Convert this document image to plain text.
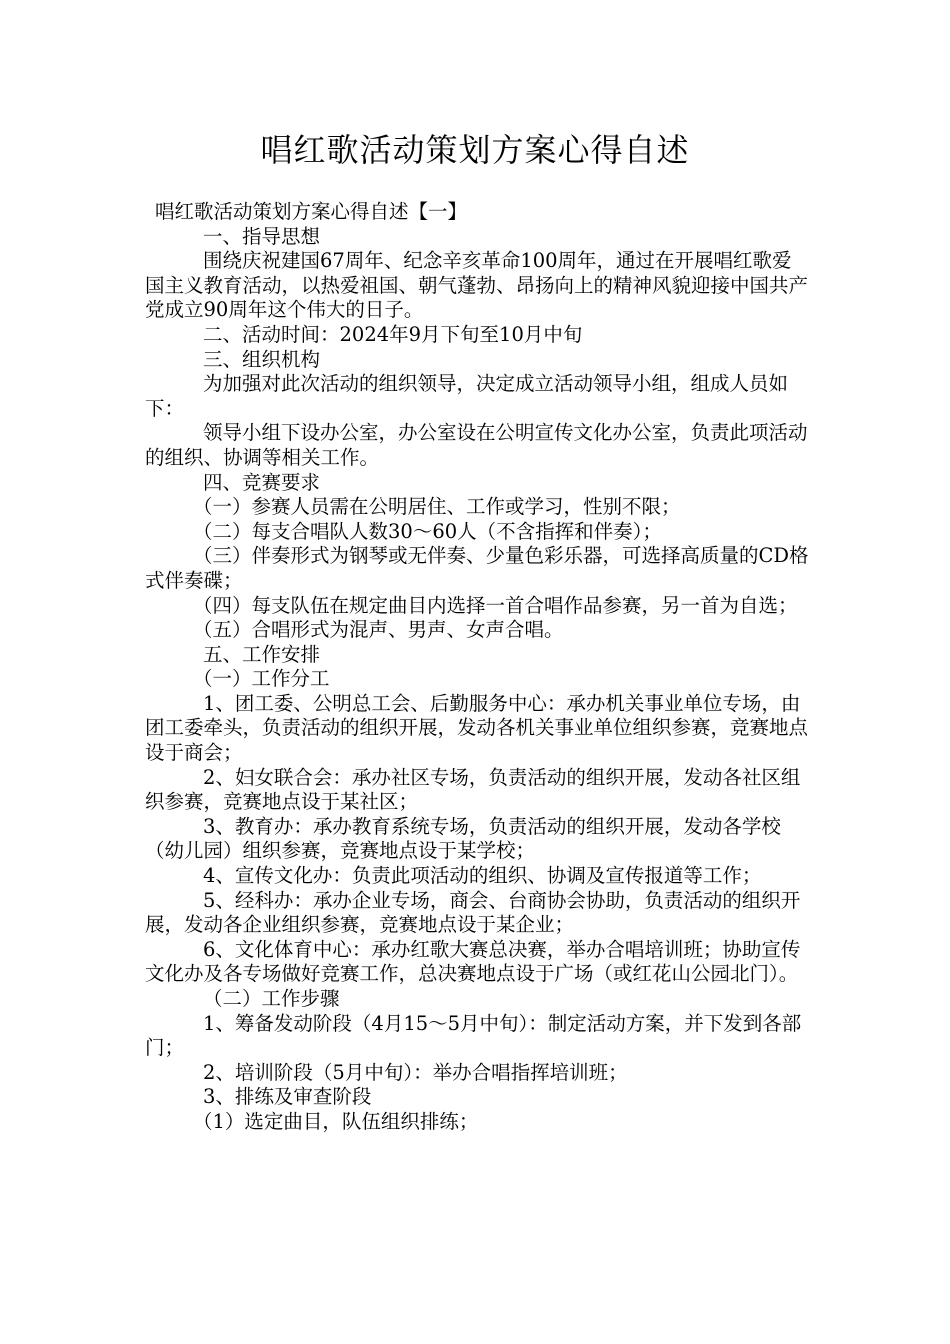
唱红歌活动策划方案心得自述

唱红歌活动策划方案心得自述【一】

一、指导思想

围绕庆祝建国67周年、纪念辛亥革命100周年，通过在开展唱红歌爱国主义教育活动，以热爱祖国、朝气蓬勃、昂扬向上的精神风貌迎接中国共产党成立90周年这个伟大的日子。

二、活动时间：2024年9月下旬至10月中旬

三、组织机构

为加强对此次活动的组织领导，决定成立活动领导小组，组成人员如下：

领导小组下设办公室，办公室设在公明宣传文化办公室，负责此项活动的组织、协调等相关工作。

四、竞赛要求

（一）参赛人员需在公明居住、工作或学习，性别不限；

（二）每支合唱队人数30～60人（不含指挥和伴奏）；

（三）伴奏形式为钢琴或无伴奏、少量色彩乐器，可选择高质量的CD格式伴奏碟；

（四）每支队伍在规定曲目内选择一首合唱作品参赛，另一首为自选；

（五）合唱形式为混声、男声、女声合唱。

五、工作安排

（一）工作分工

1、团工委、公明总工会、后勤服务中心：承办机关事业单位专场，由团工委牵头，负责活动的组织开展，发动各机关事业单位组织参赛，竞赛地点设于商会；

2、妇女联合会：承办社区专场，负责活动的组织开展，发动各社区组织参赛，竞赛地点设于某社区；

3、教育办：承办教育系统专场，负责活动的组织开展，发动各学校（幼儿园）组织参赛，竞赛地点设于某学校；

4、宣传文化办：负责此项活动的组织、协调及宣传报道等工作；

5、经科办：承办企业专场，商会、台商协会协助，负责活动的组织开展，发动各企业组织参赛，竞赛地点设于某企业；

6、文化体育中心：承办红歌大赛总决赛，举办合唱培训班；协助宣传文化办及各专场做好竞赛工作，总决赛地点设于广场（或红花山公园北门）。

（二）工作步骤

1、筹备发动阶段（4月15～5月中旬）：制定活动方案，并下发到各部门；

2、培训阶段（5月中旬）：举办合唱指挥培训班；

3、排练及审查阶段

（1）选定曲目，队伍组织排练；
